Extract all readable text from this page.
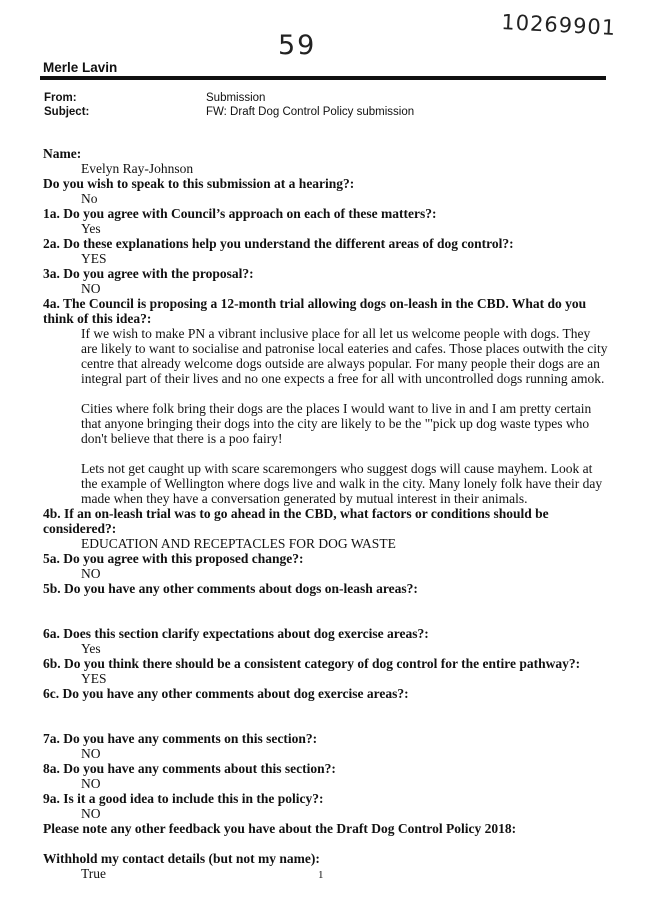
10269901
59
Merle Lavin
From:
Subject:
Submission
FW: Draft Dog Control Policy submission
Name:
Evelyn Ray-Johnson
Do you wish to speak to this submission at a hearing?:
No
1a. Do you agree with Council’s approach on each of these matters?:
Yes
2a. Do these explanations help you understand the different areas of dog control?:
YES
3a. Do you agree with the proposal?:
NO
4a. The Council is proposing a 12-month trial allowing dogs on-leash in the CBD. What do you think of this idea?:
If we wish to make PN a vibrant inclusive place for all let us welcome people with dogs. They are likely to want to socialise and patronise local eateries and cafes. Those places outwith the city centre that already welcome dogs outside are always popular. For many people their dogs are an integral part of their lives and no one expects a free for all with uncontrolled dogs running amok.
Cities where folk bring their dogs are the places I would want to live in and I am pretty certain that anyone bringing their dogs into the city are likely to be the "'pick up dog waste types who don't believe that there is a poo fairy!
Lets not get caught up with scare scaremongers who suggest dogs will cause mayhem. Look at the example of Wellington where dogs live and walk in the city. Many lonely folk have their day made when they have a conversation generated by mutual interest in their animals.
4b. If an on-leash trial was to go ahead in the CBD, what factors or conditions should be considered?:
EDUCATION AND RECEPTACLES FOR DOG WASTE
5a. Do you agree with this proposed change?:
NO
5b. Do you have any other comments about dogs on-leash areas?:
6a. Does this section clarify expectations about dog exercise areas?:
Yes
6b. Do you think there should be a consistent category of dog control for the entire pathway?:
YES
6c. Do you have any other comments about dog exercise areas?:
7a. Do you have any comments on this section?:
NO
8a. Do you have any comments about this section?:
NO
9a. Is it a good idea to include this in the policy?:
NO
Please note any other feedback you have about the Draft Dog Control Policy 2018:
Withhold my contact details (but not my name):
True	1
